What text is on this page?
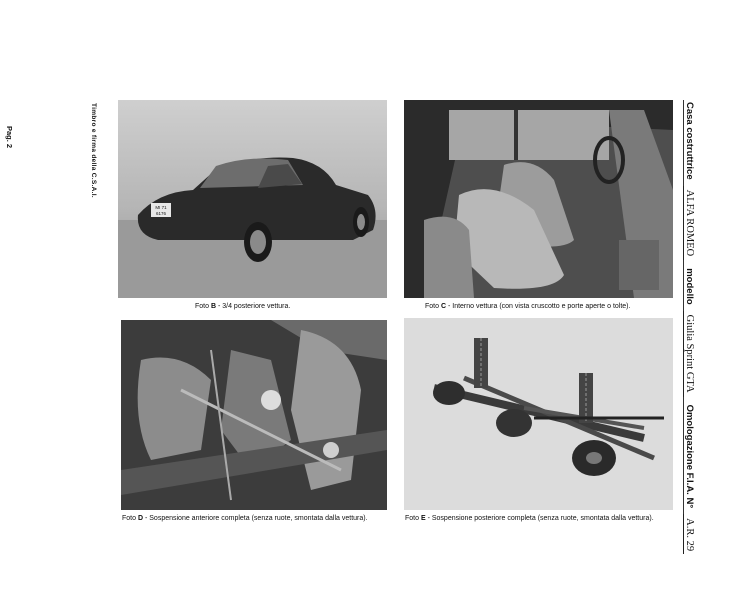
Pag. 2	Timbro e firma della C.S.A.I.
MI 71
6176
Foto B - 3/4 posteriore vettura.	Foto C - Interno vettura (con vista cruscotto e porte aperte o tolte).
Foto D - Sospensione anteriore completa (senza ruote, smontata dalla vettura).	Foto E - Sospensione posteriore completa (senza ruote, smontata dalla vettura).
Casa costruttrice
ALFA ROMEO
modello
Giulia Sprint GTA
Omologazione F.I.A. N°
A.R. 29
